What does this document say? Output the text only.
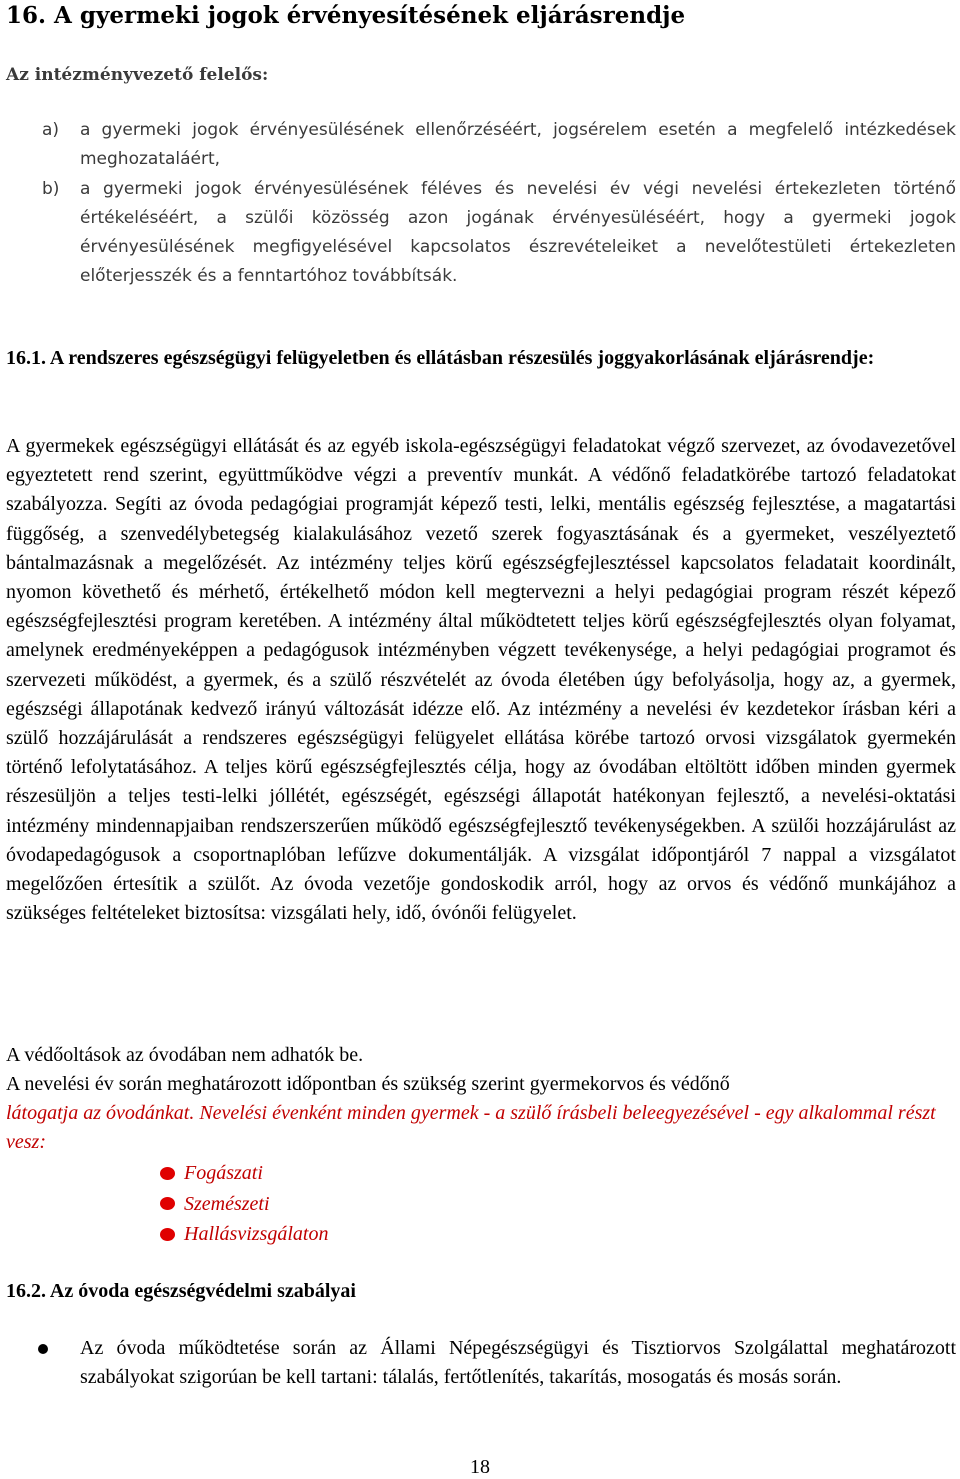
16. A gyermeki jogok érvényesítésének eljárásrendje
Az intézményvezető felelős:
a)	a gyermeki jogok érvényesülésének ellenőrzéséért, jogsérelem esetén a megfelelő intézkedések meghozataláért,
b)	a gyermeki jogok érvényesülésének féléves és nevelési év végi nevelési értekezleten történő értékeléséért, a szülői közösség azon jogának érvényesüléséért, hogy a gyermeki jogok érvényesülésének megfigyelésével kapcsolatos észrevételeiket a nevelőtestületi értekezleten előterjesszék és a fenntartóhoz továbbítsák.
16.1. A rendszeres egészségügyi felügyeletben és ellátásban részesülés joggyakorlásának eljárásrendje:

A gyermekek egészségügyi ellátását és az egyéb iskola-egészségügyi feladatokat végző szervezet, az óvodavezetővel egyeztetett rend szerint, együttműködve végzi a preventív munkát. A védőnő feladatkörébe tartozó feladatokat szabályozza. Segíti az óvoda pedagógiai programját képező testi, lelki, mentális egészség fejlesztése, a magatartási függőség, a szenvedélybetegség kialakulásához vezető szerek fogyasztásának és a gyermeket, veszélyeztető bántalmazásnak a megelőzését. Az intézmény teljes körű egészségfejlesztéssel kapcsolatos feladatait koordinált, nyomon követhető és mérhető, értékelhető módon kell megtervezni a helyi pedagógiai program részét képező egészségfejlesztési program keretében. A intézmény által működtetett teljes körű egészségfejlesztés olyan folyamat, amelynek eredményeképpen a pedagógusok intézményben végzett tevékenysége, a helyi pedagógiai programot és szervezeti működést, a gyermek, és a szülő részvételét az óvoda életében úgy befolyásolja, hogy az, a gyermek, egészségi állapotának kedvező irányú változását idézze elő. Az intézmény a nevelési év kezdetekor írásban kéri a szülő hozzájárulását a rendszeres egészségügyi felügyelet ellátása körébe tartozó orvosi vizsgálatok gyermekén történő lefolytatásához. A teljes körű egészségfejlesztés célja, hogy az óvodában eltöltött időben minden gyermek részesüljön a teljes testi-lelki jóllétét, egészségét, egészségi állapotát hatékonyan fejlesztő, a nevelési-oktatási intézmény mindennapjaiban rendszerszerűen működő egészségfejlesztő tevékenységekben. A szülői hozzájárulást az óvodapedagógusok a csoportnaplóban lefűzve dokumentálják. A vizsgálat időpontjáról 7 nappal a vizsgálatot megelőzően értesítik a szülőt. Az óvoda vezetője gondoskodik arról, hogy az orvos és védőnő munkájához a szükséges feltételeket biztosítsa: vizsgálati hely, idő, óvónői felügyelet.

A védőoltások az óvodában nem adhatók be.

A nevelési év során meghatározott időpontban és szükség szerint gyermekorvos és védőnő

látogatja az óvodánkat. Nevelési évenként minden gyermek - a szülő írásbeli beleegyezésével - egy alkalommal részt vesz:

Fogászati
Szemészeti
Hallásvizsgálaton
16.2. Az óvoda egészségvédelmi szabályai
Az óvoda működtetése során az Állami Népegészségügyi és Tisztiorvos Szolgálattal meghatározott szabályokat szigorúan be kell tartani: tálalás, fertőtlenítés, takarítás, mosogatás és mosás során.
18
